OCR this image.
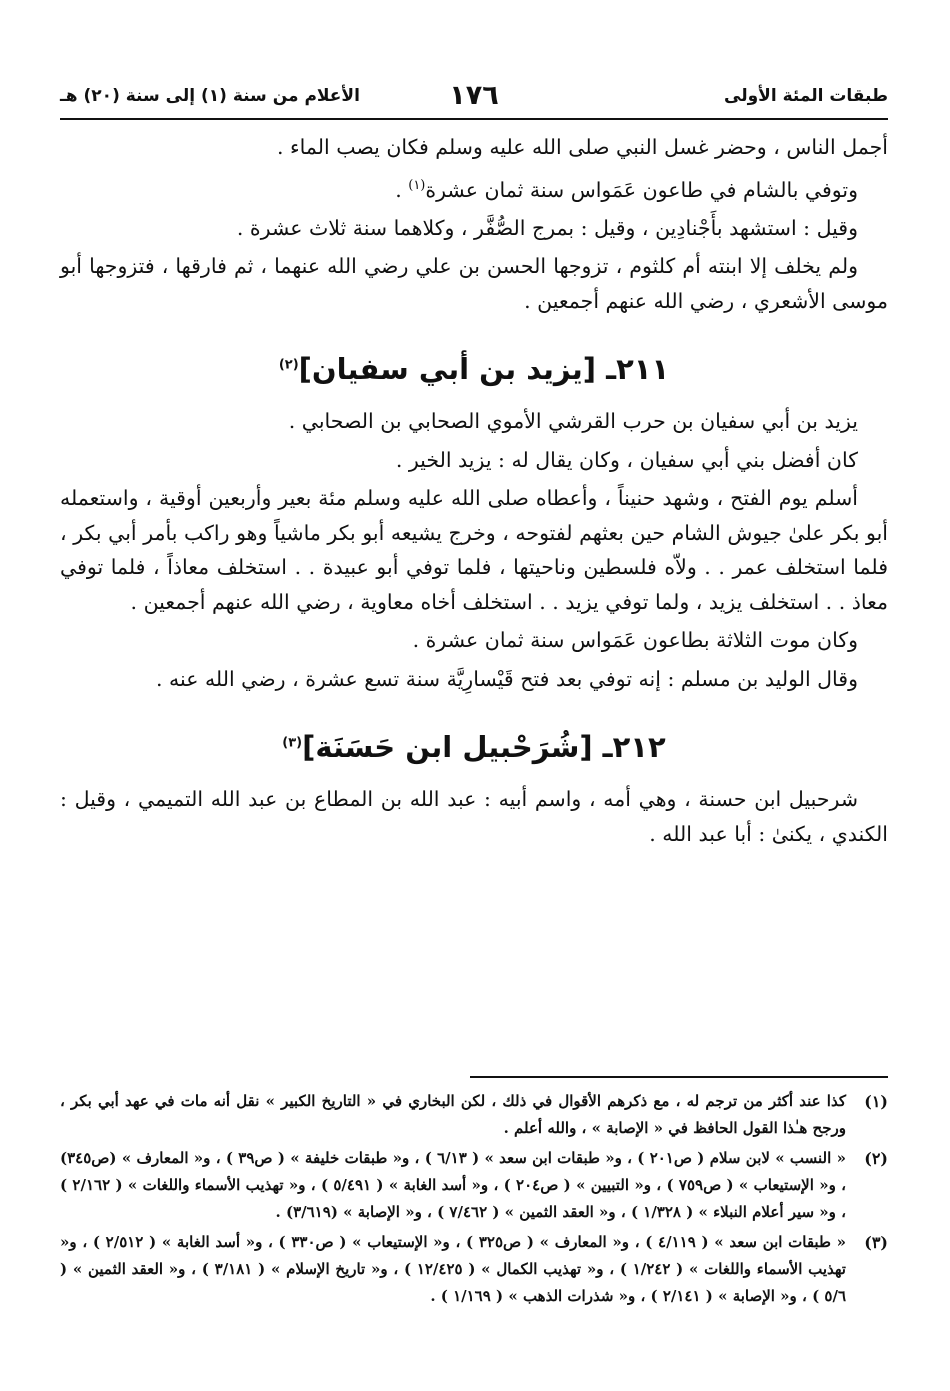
طبقات المئة الأولى
١٧٦
الأعلام من سنة (١) إلى سنة (٢٠) هـ

أجمل الناس ، وحضر غسل النبي صلى الله عليه وسلم فكان يصب الماء .

وتوفي بالشام في طاعون عَمَواس سنة ثمان عشرة$^{(١)}$ .

وقيل : استشهد بأَجْنادِين ، وقيل : بمرج الصُّفَّر ، وكلاهما سنة ثلاث عشرة .

ولم يخلف إلا ابنته أم كلثوم ، تزوجها الحسن بن علي رضي الله عنهما ، ثم فارقها ، فتزوجها أبو موسى الأشعري ، رضي الله عنهم أجمعين .

٢١١ـ [يزيد بن أبي سفيان]$^{(٢)}$

يزيد بن أبي سفيان بن حرب القرشي الأموي الصحابي بن الصحابي .

كان أفضل بني أبي سفيان ، وكان يقال له : يزيد الخير .

أسلم يوم الفتح ، وشهد حنيناً ، وأعطاه صلى الله عليه وسلم مئة بعير وأربعين أوقية ، واستعمله أبو بكر علىٰ جيوش الشام حين بعثهم لفتوحه ، وخرج يشيعه أبو بكر ماشياً وهو راكب بأمر أبي بكر ، فلما استخلف عمر . . ولاّه فلسطين وناحيتها ، فلما توفي أبو عبيدة . . استخلف معاذاً ، فلما توفي معاذ . . استخلف يزيد ، ولما توفي يزيد . . استخلف أخاه معاوية ، رضي الله عنهم أجمعين .

وكان موت الثلاثة بطاعون عَمَواس سنة ثمان عشرة .

وقال الوليد بن مسلم : إنه توفي بعد فتح قَيْسارِيَّة سنة تسع عشرة ، رضي الله عنه .

٢١٢ـ [شُرَحْبيل ابن حَسَنَة]$^{(٣)}$

شرحبيل ابن حسنة ، وهي أمه ، واسم أبيه : عبد الله بن المطاع بن عبد الله التميمي ، وقيل : الكندي ، يكنىٰ : أبا عبد الله .

(١)
كذا عند أكثر من ترجم له ، مع ذكرهم الأقوال في ذلك ، لكن البخاري في « التاريخ الكبير » نقل أنه مات في عهد أبي بكر ، ورجح هـٰذا القول الحافظ في « الإصابة » ، والله أعلم .
(٢)
« النسب » لابن سلام ( ص٢٠١ ) ، و« طبقات ابن سعد » ( ٦/١٣ ) ، و« طبقات خليفة » ( ص٣٩ ) ، و« المعارف » (ص٣٤٥) ، و« الإستيعاب » ( ص٧٥٩ ) ، و« التبيين » ( ص٢٠٤ ) ، و« أسد الغابة » ( ٥/٤٩١ ) ، و« تهذيب الأسماء واللغات » ( ٢/١٦٢ ) ، و« سير أعلام النبلاء » ( ١/٣٢٨ ) ، و« العقد الثمين » ( ٧/٤٦٢ ) ، و« الإصابة » (٣/٦١٩) .
(٣)
« طبقات ابن سعد » ( ٤/١١٩ ) ، و« المعارف » ( ص٣٢٥ ) ، و« الإستيعاب » ( ص٣٣٠ ) ، و« أسد الغابة » ( ٢/٥١٢ ) ، و« تهذيب الأسماء واللغات » ( ١/٢٤٢ ) ، و« تهذيب الكمال » ( ١٢/٤٢٥ ) ، و« تاريخ الإسلام » ( ٣/١٨١ ) ، و« العقد الثمين » ( ٥/٦ ) ، و« الإصابة » ( ٢/١٤١ ) ، و« شذرات الذهب » ( ١/١٦٩ ) .
